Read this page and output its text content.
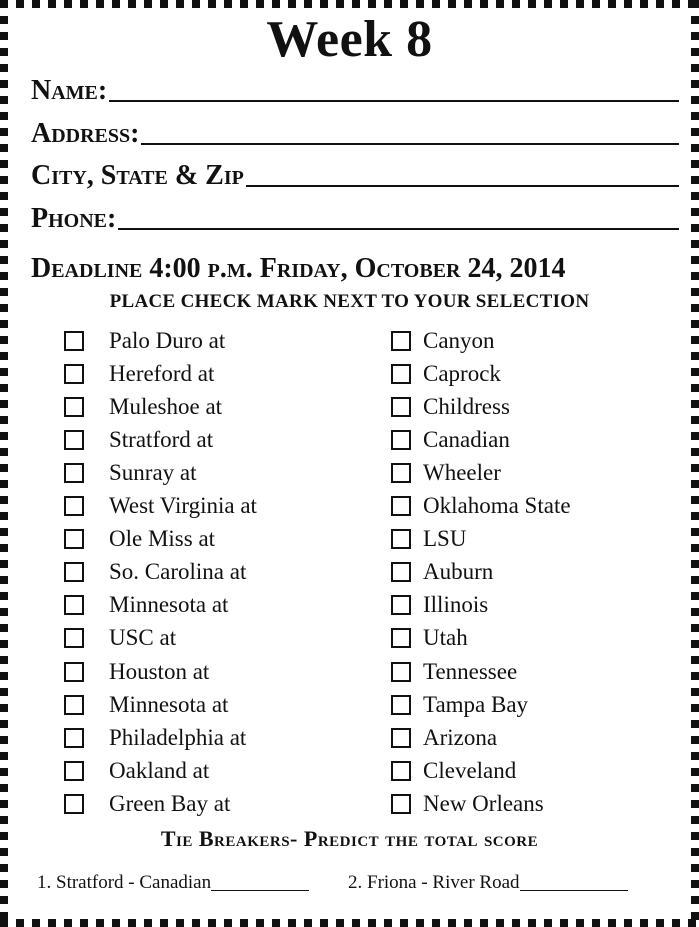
Week 8
Name:
Address:
City, State & Zip
Phone:
Deadline 4:00 p.m. Friday, October 24, 2014
PLACE CHECK MARK NEXT TO YOUR SELECTION
Palo Duro at	Canyon
Hereford at	Caprock
Muleshoe at	Childress
Stratford at	Canadian
Sunray at	Wheeler
West Virginia at	Oklahoma State
Ole Miss at	LSU
So. Carolina at	Auburn
Minnesota at	Illinois
USC at	Utah
Houston at	Tennessee
Minnesota at	Tampa Bay
Philadelphia at	Arizona
Oakland at	Cleveland
Green Bay at	New Orleans
Tie Breakers- Predict the total score
1. Stratford - Canadian	2. Friona - River Road
